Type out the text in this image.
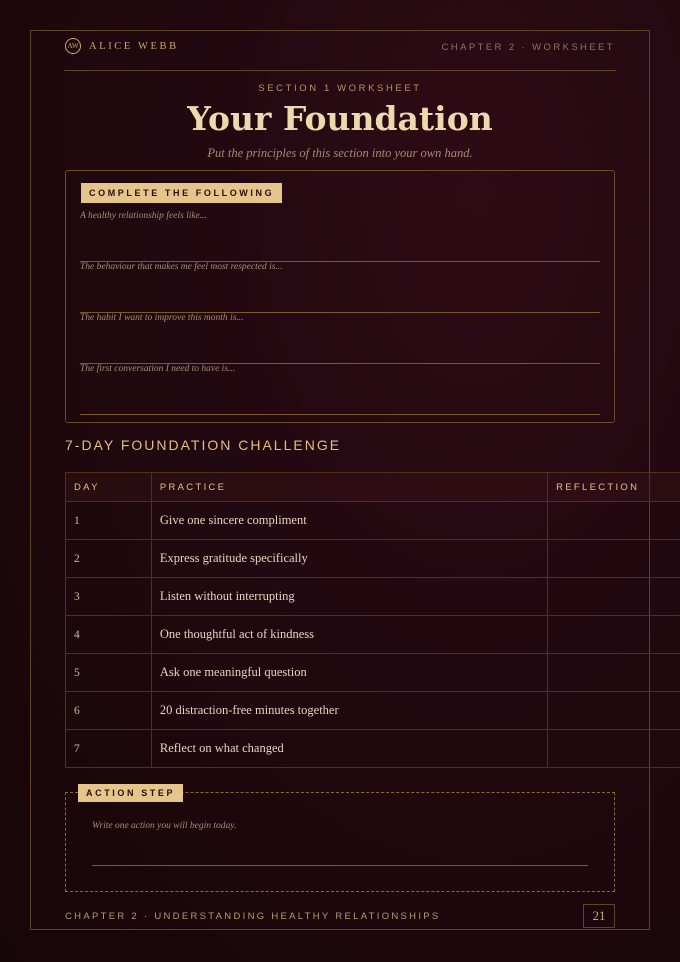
AW ALICE WEBB	CHAPTER 2 · WORKSHEET
SECTION 1 WORKSHEET
Your Foundation
Put the principles of this section into your own hand.
COMPLETE THE FOLLOWING
A healthy relationship feels like...
The behaviour that makes me feel most respected is...
The habit I want to improve this month is...
The first conversation I need to have is...
7-DAY FOUNDATION CHALLENGE
DAY	PRACTICE	REFLECTION
1	Give one sincere compliment	
2	Express gratitude specifically	
3	Listen without interrupting	
4	One thoughtful act of kindness	
5	Ask one meaningful question	
6	20 distraction-free minutes together	
7	Reflect on what changed	
ACTION STEP
Write one action you will begin today.
CHAPTER 2 · UNDERSTANDING HEALTHY RELATIONSHIPS	21
